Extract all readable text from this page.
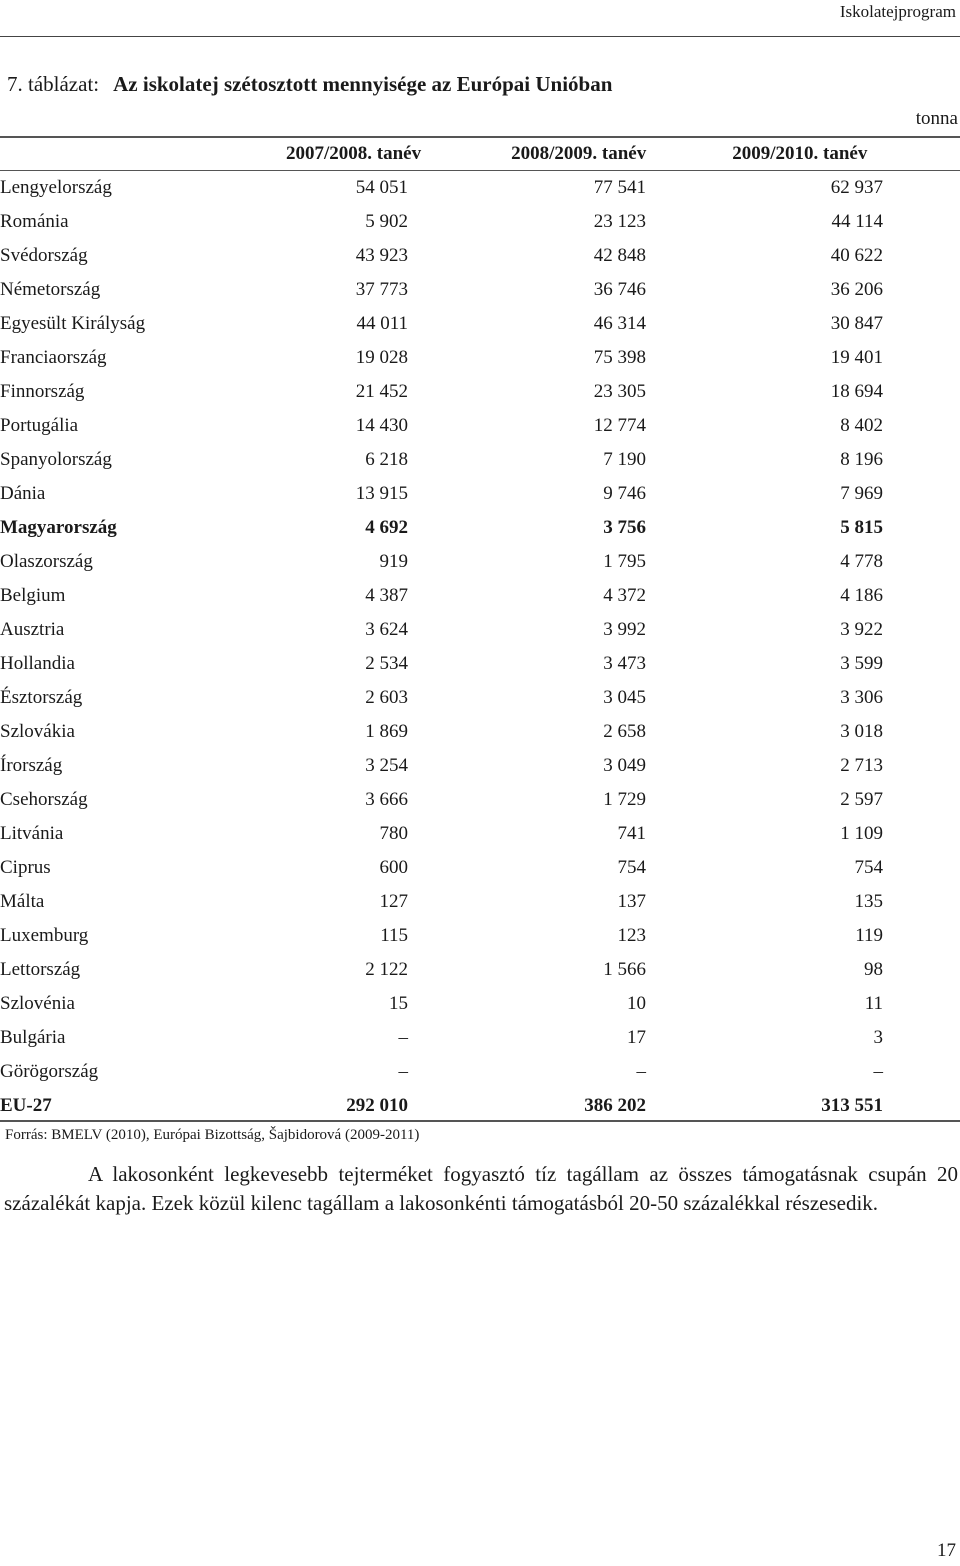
Iskolatejprogram
7. táblázat: Az iskolatej szétosztott mennyisége az Európai Unióban
tonna
	2007/2008. tanév 2008/2009. tanév 2009/2010. tanév			
Lengyelország	54 051	77 541	62 937	
Románia	5 902	23 123	44 114	
Svédország	43 923	42 848	40 622	
Németország	37 773	36 746	36 206	
Egyesült Királyság	44 011	46 314	30 847	
Franciaország	19 028	75 398	19 401	
Finnország	21 452	23 305	18 694	
Portugália	14 430	12 774	8 402	
Spanyolország	6 218	7 190	8 196	
Dánia	13 915	9 746	7 969	
Magyarország	4 692	3 756	5 815	
Olaszország	919	1 795	4 778	
Belgium	4 387	4 372	4 186	
Ausztria	3 624	3 992	3 922	
Hollandia	2 534	3 473	3 599	
Észtország	2 603	3 045	3 306	
Szlovákia	1 869	2 658	3 018	
Írország	3 254	3 049	2 713	
Csehország	3 666	1 729	2 597	
Litvánia	780	741	1 109	
Ciprus	600	754	754	
Málta	127	137	135	
Luxemburg	115	123	119	
Lettország	2 122	1 566	98	
Szlovénia	15	10	11	
Bulgária	–	17	3	
Görögország	–	–	–	
EU-27	292 010	386 202	313 551	
Forrás: BMELV (2010), Európai Bizottság, Šajbidorová (2009-2011)
A lakosonként legkevesebb tejterméket fogyasztó tíz tagállam az összes támogatásnak csupán 20 százalékát kapja. Ezek közül kilenc tagállam a lakosonkénti támogatásból 20-50 százalékkal részesedik.
17
